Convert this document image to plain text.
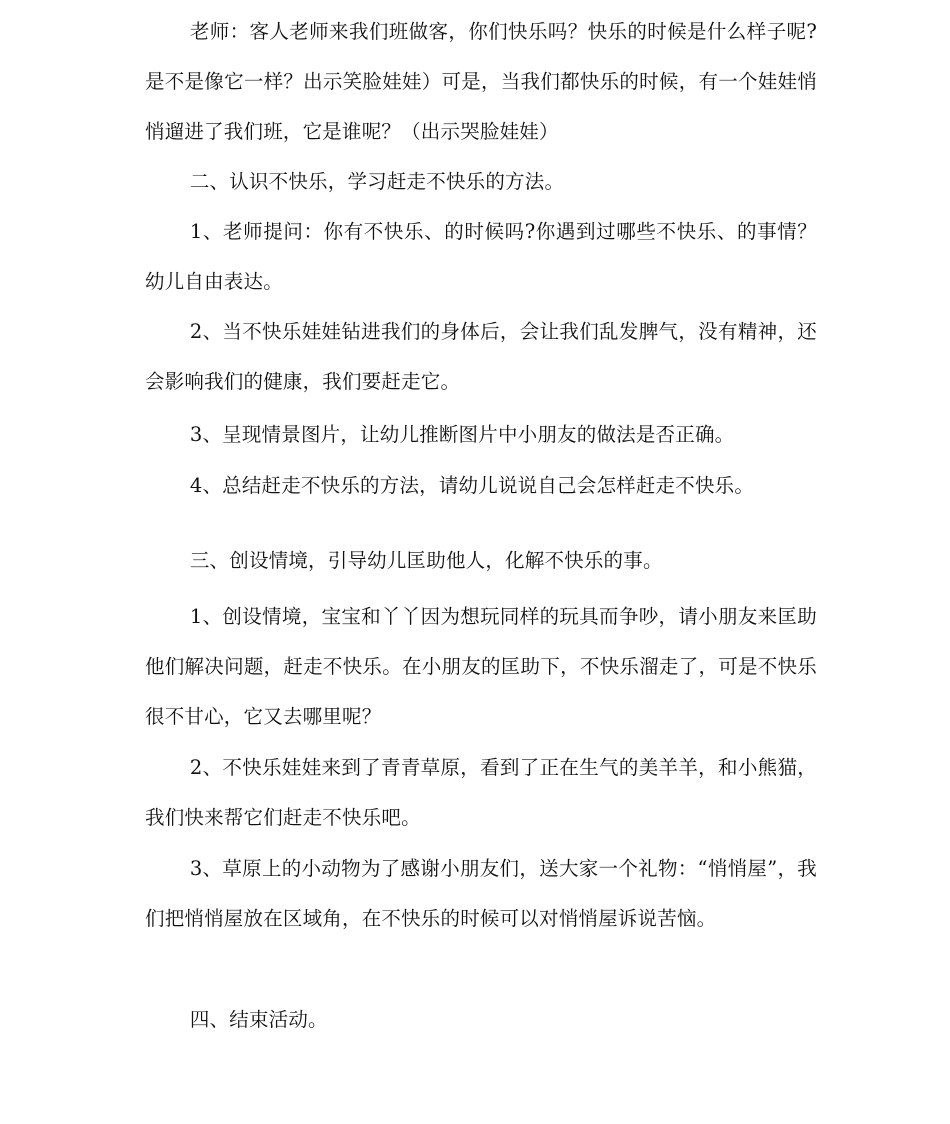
老师：客人老师来我们班做客，你们快乐吗？快乐的时候是什么样子呢?是不是像它一样？出示笑脸娃娃）可是，当我们都快乐的时候，有一个娃娃悄悄遛进了我们班，它是谁呢？（出示哭脸娃娃）

二、认识不快乐，学习赶走不快乐的方法。

1、老师提问：你有不快乐、的时候吗?你遇到过哪些不快乐、的事情？幼儿自由表达。

2、当不快乐娃娃钻进我们的身体后，会让我们乱发脾气，没有精神，还会影响我们的健康，我们要赶走它。

3、呈现情景图片，让幼儿推断图片中小朋友的做法是否正确。

4、总结赶走不快乐的方法，请幼儿说说自己会怎样赶走不快乐。

三、创设情境，引导幼儿匡助他人，化解不快乐的事。

1、创设情境，宝宝和丫丫因为想玩同样的玩具而争吵，请小朋友来匡助他们解决问题，赶走不快乐。在小朋友的匡助下，不快乐溜走了，可是不快乐很不甘心，它又去哪里呢？

2、不快乐娃娃来到了青青草原，看到了正在生气的美羊羊，和小熊猫，我们快来帮它们赶走不快乐吧。

3、草原上的小动物为了感谢小朋友们，送大家一个礼物：“悄悄屋”，我们把悄悄屋放在区域角，在不快乐的时候可以对悄悄屋诉说苦恼。

四、结束活动。
